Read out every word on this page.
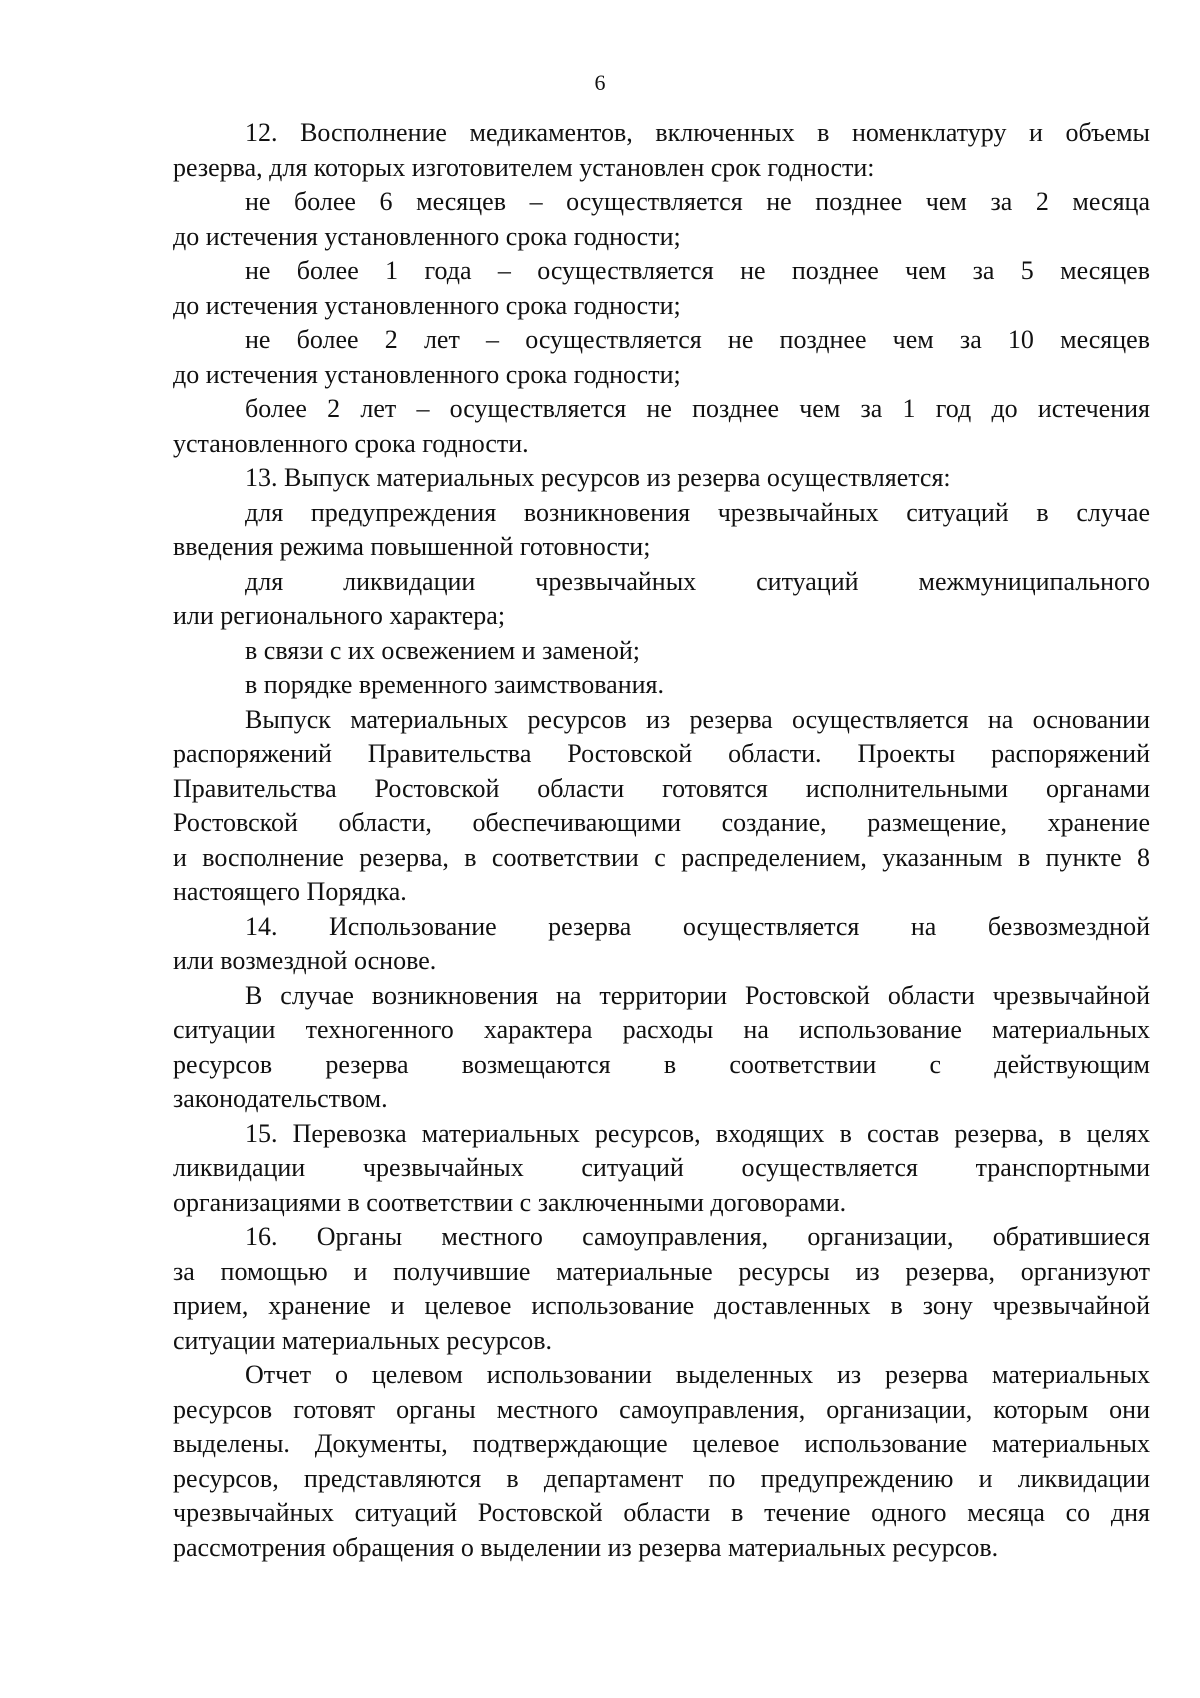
6
12. Восполнение медикаментов, включенных в номенклатуру и объемы
резерва, для которых изготовителем установлен срок годности:
не более 6 месяцев – осуществляется не позднее чем за 2 месяца
до истечения установленного срока годности;
не более 1 года – осуществляется не позднее чем за 5 месяцев
до истечения установленного срока годности;
не более 2 лет – осуществляется не позднее чем за 10 месяцев
до истечения установленного срока годности;
более 2 лет – осуществляется не позднее чем за 1 год до истечения
установленного срока годности.
13. Выпуск материальных ресурсов из резерва осуществляется:
для предупреждения возникновения чрезвычайных ситуаций в случае
введения режима повышенной готовности;
для ликвидации чрезвычайных ситуаций межмуниципального
или регионального характера;
в связи с их освежением и заменой;
в порядке временного заимствования.
Выпуск материальных ресурсов из резерва осуществляется на основании
распоряжений Правительства Ростовской области. Проекты распоряжений
Правительства Ростовской области готовятся исполнительными органами
Ростовской области, обеспечивающими создание, размещение, хранение
и восполнение резерва, в соответствии с распределением, указанным в пункте 8
настоящего Порядка.
14. Использование резерва осуществляется на безвозмездной
или возмездной основе.
В случае возникновения на территории Ростовской области чрезвычайной
ситуации техногенного характера расходы на использование материальных
ресурсов резерва возмещаются в соответствии с действующим
законодательством.
15. Перевозка материальных ресурсов, входящих в состав резерва, в целях
ликвидации чрезвычайных ситуаций осуществляется транспортными
организациями в соответствии с заключенными договорами.
16. Органы местного самоуправления, организации, обратившиеся
за помощью и получившие материальные ресурсы из резерва, организуют
прием, хранение и целевое использование доставленных в зону чрезвычайной
ситуации материальных ресурсов.
Отчет о целевом использовании выделенных из резерва материальных
ресурсов готовят органы местного самоуправления, организации, которым они
выделены. Документы, подтверждающие целевое использование материальных
ресурсов, представляются в департамент по предупреждению и ликвидации
чрезвычайных ситуаций Ростовской области в течение одного месяца со дня
рассмотрения обращения о выделении из резерва материальных ресурсов.
